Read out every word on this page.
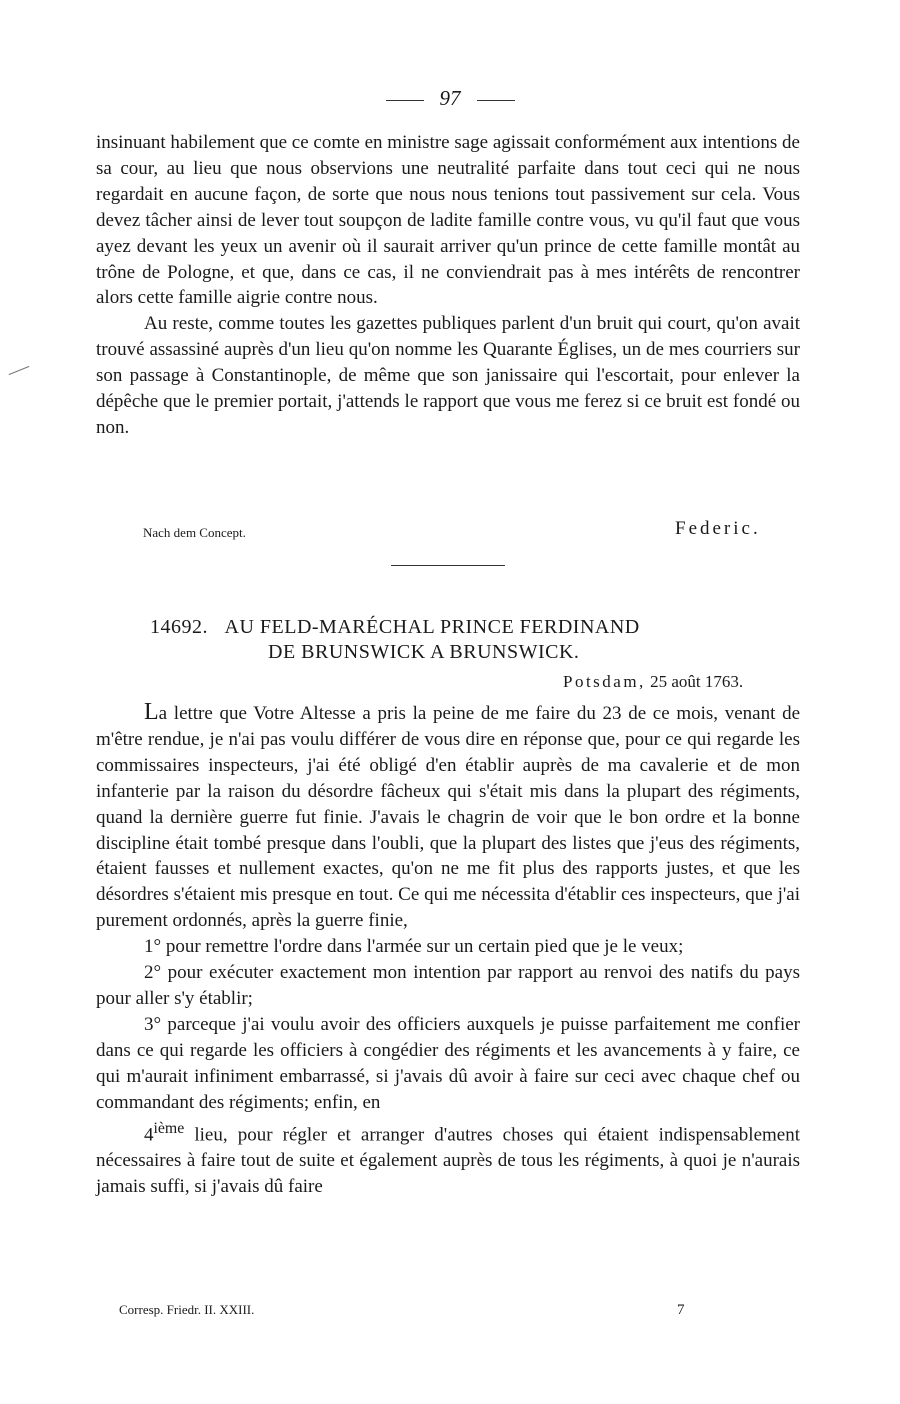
97

insinuant habilement que ce comte en ministre sage agissait conformément aux intentions de sa cour, au lieu que nous observions une neutralité parfaite dans tout ceci qui ne nous regardait en aucune façon, de sorte que nous nous tenions tout passivement sur cela. Vous devez tâcher ainsi de lever tout soupçon de ladite famille contre vous, vu qu'il faut que vous ayez devant les yeux un avenir où il saurait arriver qu'un prince de cette famille montât au trône de Pologne, et que, dans ce cas, il ne conviendrait pas à mes intérêts de rencontrer alors cette famille aigrie contre nous.

Au reste, comme toutes les gazettes publiques parlent d'un bruit qui court, qu'on avait trouvé assassiné auprès d'un lieu qu'on nomme les Quarante Églises, un de mes courriers sur son passage à Constantinople, de même que son janissaire qui l'escortait, pour enlever la dépêche que le premier portait, j'attends le rapport que vous me ferez si ce bruit est fondé ou non.

Nach dem Concept.	Federic.
14692. AU FELD-MARÉCHAL PRINCE FERDINAND
DE BRUNSWICK A BRUNSWICK.
Potsdam, 25 août 1763.

La lettre que Votre Altesse a pris la peine de me faire du 23 de ce mois, venant de m'être rendue, je n'ai pas voulu différer de vous dire en réponse que, pour ce qui regarde les commissaires inspecteurs, j'ai été obligé d'en établir auprès de ma cavalerie et de mon infanterie par la raison du désordre fâcheux qui s'était mis dans la plupart des régiments, quand la dernière guerre fut finie. J'avais le chagrin de voir que le bon ordre et la bonne discipline était tombé presque dans l'oubli, que la plupart des listes que j'eus des régiments, étaient fausses et nullement exactes, qu'on ne me fit plus des rapports justes, et que les désordres s'étaient mis presque en tout. Ce qui me nécessita d'établir ces inspecteurs, que j'ai purement ordonnés, après la guerre finie,

1° pour remettre l'ordre dans l'armée sur un certain pied que je le veux;

2° pour exécuter exactement mon intention par rapport au renvoi des natifs du pays pour aller s'y établir;

3° parceque j'ai voulu avoir des officiers auxquels je puisse parfaitement me confier dans ce qui regarde les officiers à congédier des régiments et les avancements à y faire, ce qui m'aurait infiniment embarrassé, si j'avais dû avoir à faire sur ceci avec chaque chef ou commandant des régiments; enfin, en

4ième lieu, pour régler et arranger d'autres choses qui étaient indispensablement nécessaires à faire tout de suite et également auprès de tous les régiments, à quoi je n'aurais jamais suffi, si j'avais dû faire

Corresp. Friedr. II. XXIII.	7
